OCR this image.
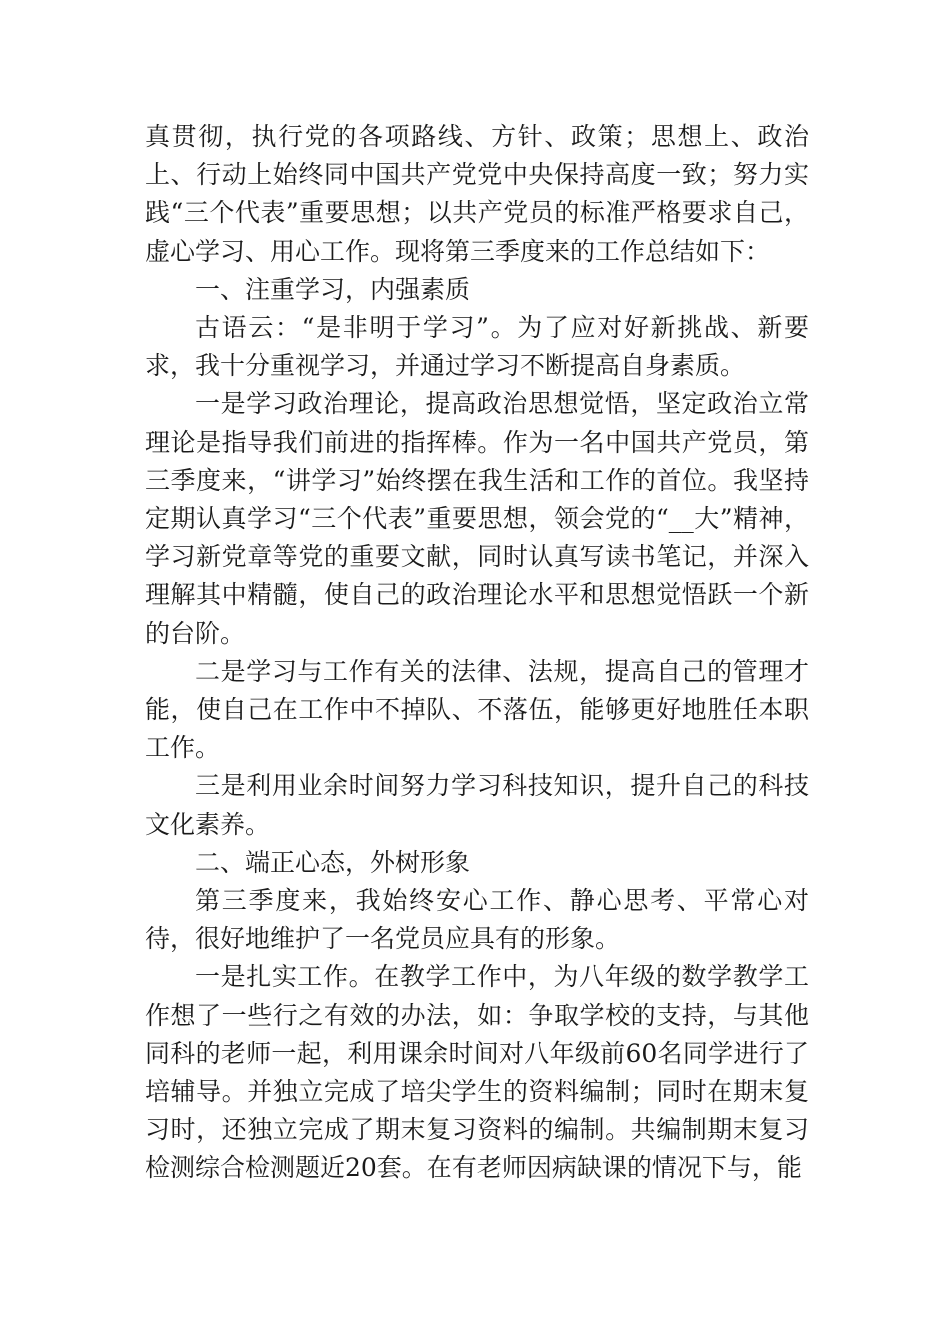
真贯彻，执行党的各项路线、方针、政策；思想上、政治上、行动上始终同中国共产党党中央保持高度一致；努力实践“三个代表”重要思想；以共产党员的标准严格要求自己，虚心学习、用心工作。现将第三季度来的工作总结如下：

一、注重学习，内强素质

古语云：“是非明于学习”。为了应对好新挑战、新要求，我十分重视学习，并通过学习不断提高自身素质。

一是学习政治理论，提高政治思想觉悟，坚定政治立常理论是指导我们前进的指挥棒。作为一名中国共产党员，第三季度来，“讲学习”始终摆在我生活和工作的首位。我坚持定期认真学习“三个代表”重要思想，领会党的“__大”精神，学习新党章等党的重要文献，同时认真写读书笔记，并深入理解其中精髓，使自己的政治理论水平和思想觉悟跃一个新的台阶。

二是学习与工作有关的法律、法规，提高自己的管理才能，使自己在工作中不掉队、不落伍，能够更好地胜任本职工作。

三是利用业余时间努力学习科技知识，提升自己的科技文化素养。

二、端正心态，外树形象

第三季度来，我始终安心工作、静心思考、平常心对待，很好地维护了一名党员应具有的形象。

一是扎实工作。在教学工作中，为八年级的数学教学工作想了一些行之有效的办法，如：争取学校的支持，与其他同科的老师一起，利用课余时间对八年级前60名同学进行了培辅导。并独立完成了培尖学生的资料编制；同时在期末复习时，还独立完成了期末复习资料的编制。共编制期末复习检测综合检测题近20套。在有老师因病缺课的情况下与，能
